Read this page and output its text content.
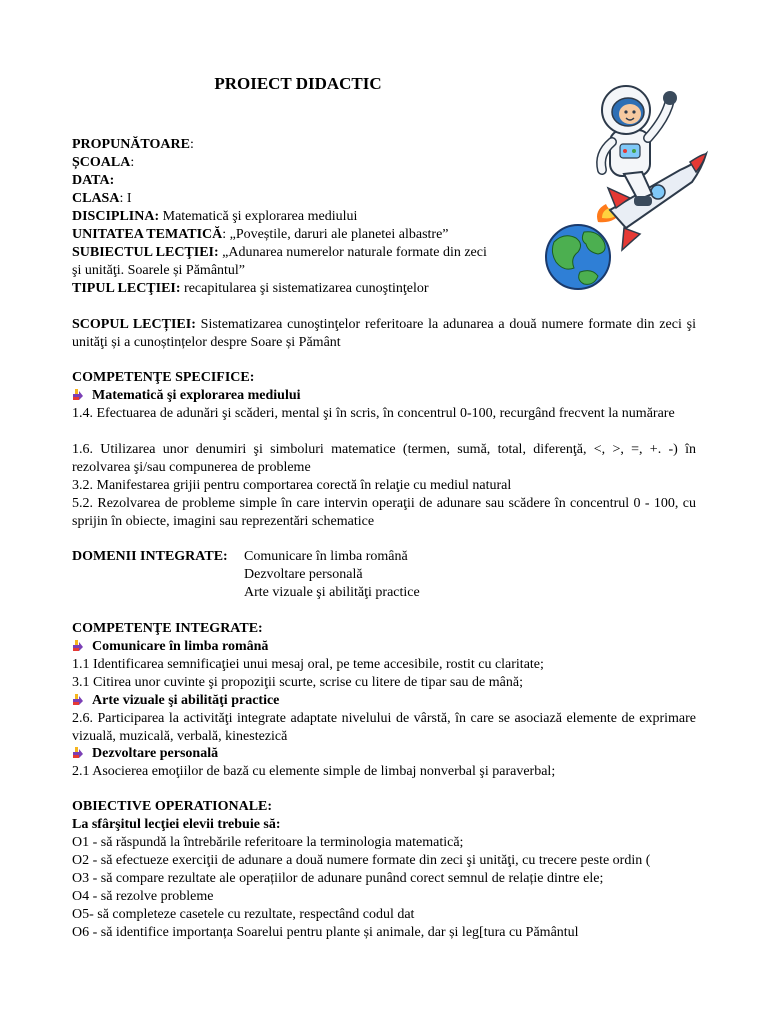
PROIECT DIDACTIC
PROPUNĂTOARE:
ȘCOALA:
DATA:
CLASA: I
DISCIPLINA: Matematică şi explorarea mediului
UNITATEA TEMATICĂ: „Poveștile, daruri ale planetei albastre”
SUBIECTUL LECŢIEI: „Adunarea numerelor naturale formate din zeci
şi unităţi. Soarele și Pământul”
TIPUL LECŢIEI: recapitularea şi sistematizarea cunoştinţelor
SCOPUL LECȚIEI: Sistematizarea cunoştinţelor referitoare la adunarea a două numere formate din zeci şi unităţi și a cunoștințelor despre Soare și Pământ
COMPETENŢE SPECIFICE:
Matematică şi explorarea mediului
1.4. Efectuarea de adunări şi scăderi, mental şi în scris, în concentrul 0-100, recurgând frecvent la numărare
1.6. Utilizarea unor denumiri şi simboluri matematice (termen, sumă, total, diferenţă, <, >, =, +. -) în rezolvarea şi/sau compunerea de probleme
3.2. Manifestarea grijii pentru comportarea corectă în relaţie cu mediul natural
5.2. Rezolvarea de probleme simple în care intervin operaţii de adunare sau scădere în concentrul 0 - 100, cu sprijin în obiecte, imagini sau reprezentări schematice
DOMENII INTEGRATE: Comunicare în limba română
Dezvoltare personală
Arte vizuale şi abilităţi practice
COMPETENŢE INTEGRATE:
Comunicare în limba română
1.1 Identificarea semnificaţiei unui mesaj oral, pe teme accesibile, rostit cu claritate;
3.1 Citirea unor cuvinte şi propoziţii scurte, scrise cu litere de tipar sau de mână;
Arte vizuale şi abilităţi practice
2.6. Participarea la activităţi integrate adaptate nivelului de vârstă, în care se asociază elemente de exprimare vizuală, muzicală, verbală, kinestezică
Dezvoltare personală
2.1 Asocierea emoţiilor de bază cu elemente simple de limbaj nonverbal şi paraverbal;
OBIECTIVE OPERATIONALE:
La sfârşitul lecţiei elevii trebuie să:
O1 - să răspundă la întrebările referitoare la terminologia matematică;
O2 - să efectueze exerciţii de adunare a două numere formate din zeci şi unităţi, cu trecere peste ordin (
O3 - să compare rezultate ale operațiilor de adunare punând corect semnul de relație dintre ele;
O4 - să rezolve probleme
O5- să completeze casetele cu rezultate, respectând codul dat
O6 - să identifice importanța Soarelui pentru plante și animale, dar și leg[tura cu Pământul
